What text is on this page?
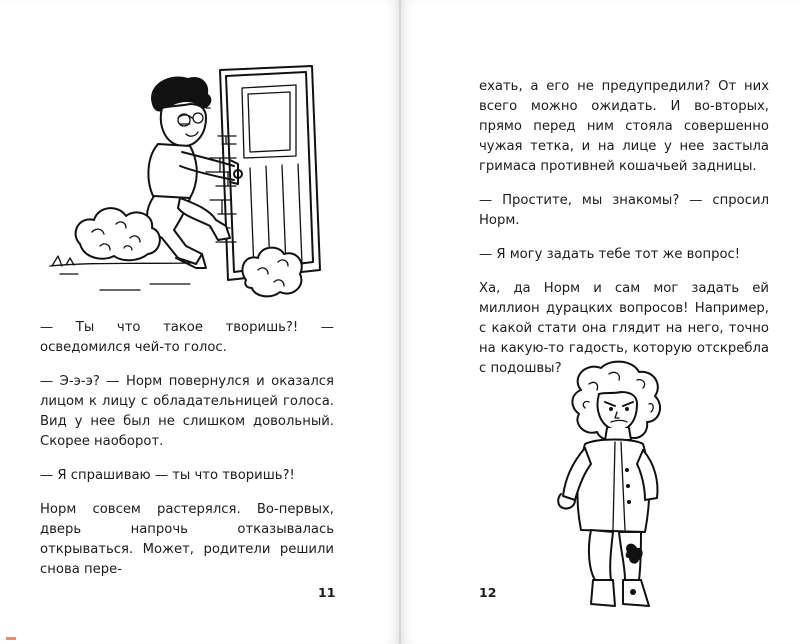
— Ты что такое творишь?! — осведомился чей-то голос.

— Э-э-э? — Норм повернулся и оказался лицом к лицу с обладательницей голоса. Вид у нее был не слишком довольный. Скорее наоборот.

— Я спрашиваю — ты что творишь?!

Норм совсем растерялся. Во-первых, дверь напрочь отказывалась открываться. Может, родители решили снова пере-

11

ехать, а его не предупредили? От них всего можно ожидать. И во-вторых, прямо перед ним стояла совершенно чужая тетка, и на лице у нее застыла гримаса противней кошачьей задницы.

— Простите, мы знакомы? — спросил Норм.

— Я могу задать тебе тот же вопрос!

Ха, да Норм и сам мог задать ей миллион дурацких вопросов! Например, с какой стати она глядит на него, точно на какую-то гадость, которую отскребла с подошвы?

12
